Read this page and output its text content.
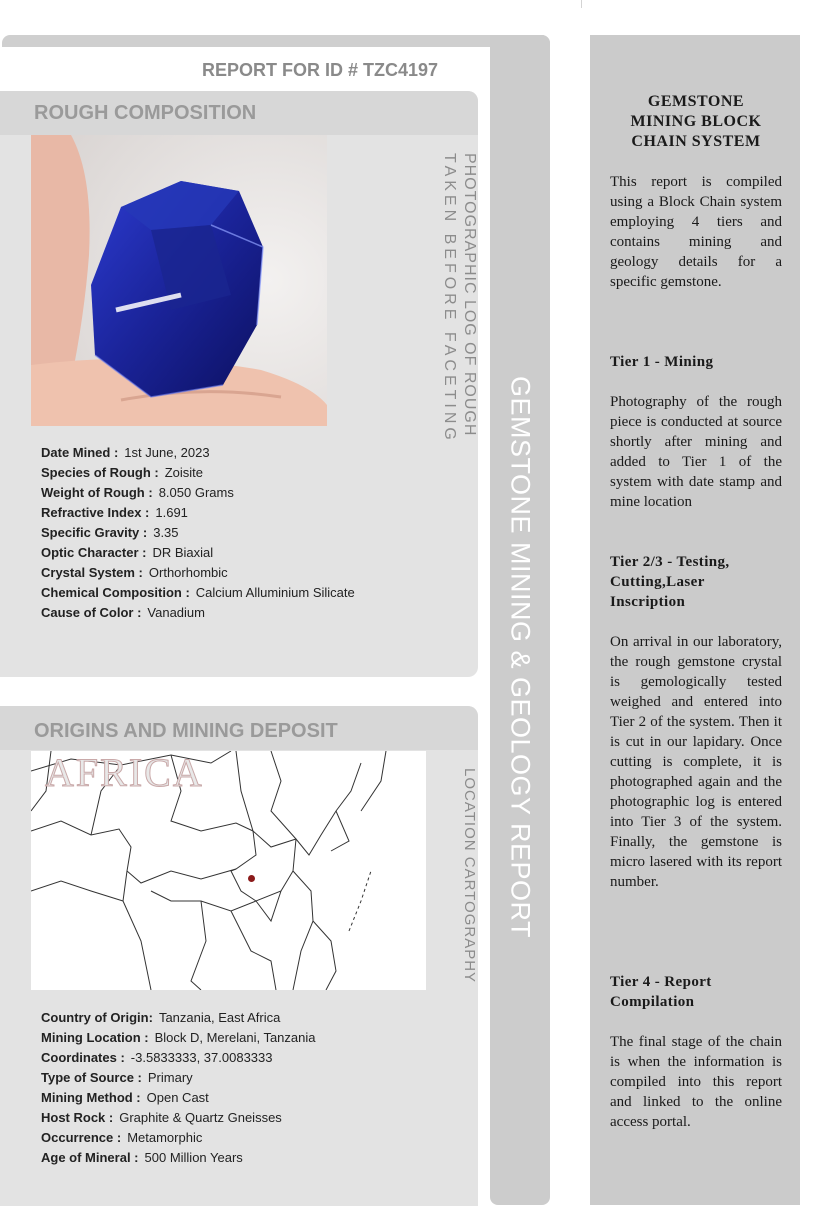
GEMSTONE MINING & GEOLOGY REPORT
REPORT FOR ID # TZC4197
ROUGH COMPOSITION
PHOTOGRAPHIC LOG OF ROUGH
TAKEN BEFORE FACETING
Date Mined : 1st June, 2023
Species of Rough : Zoisite
Weight of Rough : 8.050 Grams
Refractive Index : 1.691
Specific Gravity : 3.35
Optic Character : DR Biaxial
Crystal System : Orthorhombic
Chemical Composition : Calcium Alluminium Silicate
Cause of Color : Vanadium
ORIGINS AND MINING DEPOSIT
AFRICA	LOCATION CARTOGRAPHY
Country of Origin: Tanzania, East Africa
Mining Location : Block D, Merelani, Tanzania
Coordinates : -3.5833333, 37.0083333
Type of Source : Primary
Mining Method : Open Cast
Host Rock : Graphite & Quartz Gneisses
Occurrence : Metamorphic
Age of Mineral : 500 Million Years
GEMSTONE
MINING BLOCK
CHAIN SYSTEM
This report is compiled using a Block Chain system employing 4 tiers and contains mining and geology details for a specific gemstone.
Tier 1 - Mining
Photography of the rough piece is conducted at source shortly after mining and added to Tier 1 of the system with date stamp and mine location
Tier 2/3 - Testing, Cutting,Laser Inscription
On arrival in our laboratory, the rough gemstone crystal is gemologically tested weighed and entered into Tier 2 of the system. Then it is cut in our lapidary. Once cutting is complete, it is photographed again and the photographic log is entered into Tier 3 of the system. Finally, the gemstone is micro lasered with its report number.
Tier 4 - Report Compilation
The final stage of the chain is when the information is compiled into this report and linked to the online access portal.
